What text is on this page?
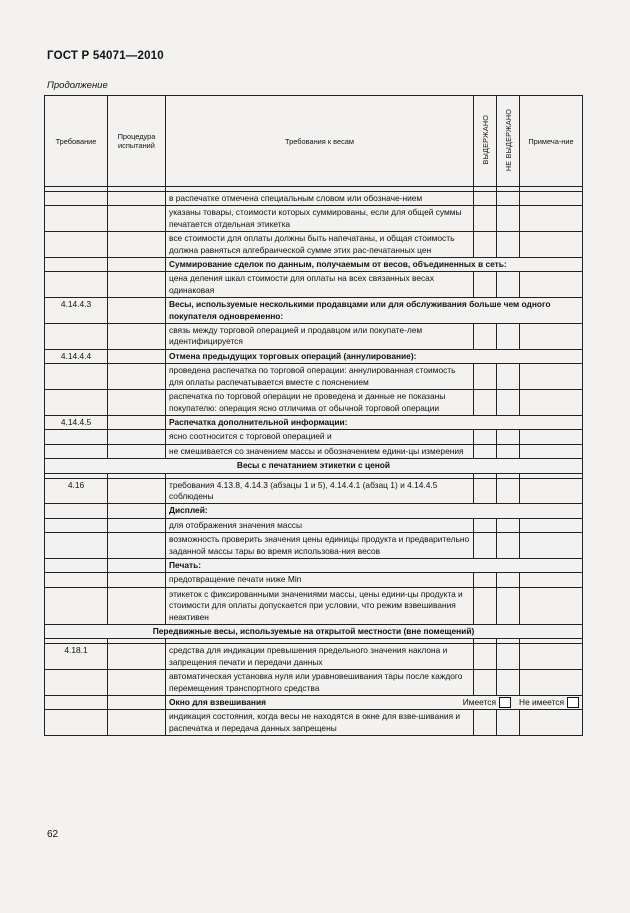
ГОСТ Р 54071—2010
Продолжение
Требование	Процедура испытаний	Требования к весам	ВЫДЕРЖАНО	НЕ ВЫДЕРЖАНО	Примеча-ние

		в распечатке отмечена специальным словом или обозначе-нием			
		указаны товары, стоимости которых суммированы, если для общей суммы печатается отдельная этикетка			
		все стоимости для оплаты должны быть напечатаны, и общая стоимость должна равняться алгебраической сумме этих рас-печатанных цен			
		Суммирование сделок по данным, получаемым от весов, объединенных в сеть:			
		цена деления шкал стоимости для оплаты на всех связанных весах одинаковая			
4.14.4.3		Весы, используемые несколькими продавцами или для обслуживания больше чем одного покупателя одновременно:			
		связь между торговой операцией и продавцом или покупате-лем идентифицируется			
4.14.4.4		Отмена предыдущих торговых операций (аннулирование):			
		проведена распечатка по торговой операции: аннулированная стоимость для оплаты распечатывается вместе с пояснением			
		распечатка по торговой операции не проведена и данные не показаны покупателю: операция ясно отличима от обычной торговой операции			
4.14.4.5		Распечатка дополнительной информации:			
		ясно соотносится с торговой операцией и			
		не смешивается со значением массы и обозначением едини-цы измерения			
Весы с печатанием этикетки с ценой					

4.16		требования 4.13.8, 4.14.3 (абзацы 1 и 5), 4.14.4.1 (абзац 1) и 4.14.4.5 соблюдены			
		Дисплей:			
		для отображения значения массы			
		возможность проверить значения цены единицы продукта и предварительно заданной массы тары во время использова-ния весов			
		Печать:			
		предотвращение печати ниже Min			
		этикеток с фиксированными значениями массы, цены едини-цы продукта и стоимости для оплаты допускается при условии, что режим взвешивания неактивен			
Передвижные весы, используемые на открытой местности (вне помещений)					

4.18.1		средства для индикации превышения предельного значения наклона и запрещения печати и передачи данных			
		автоматическая установка нуля или уравновешивания тары после каждого перемещения транспортного средства			

		Окно для взвешивания Имеется Не имеется			

		индикация состояния, когда весы не находятся в окне для взве-шивания и распечатка и передача данных запрещены			
62
